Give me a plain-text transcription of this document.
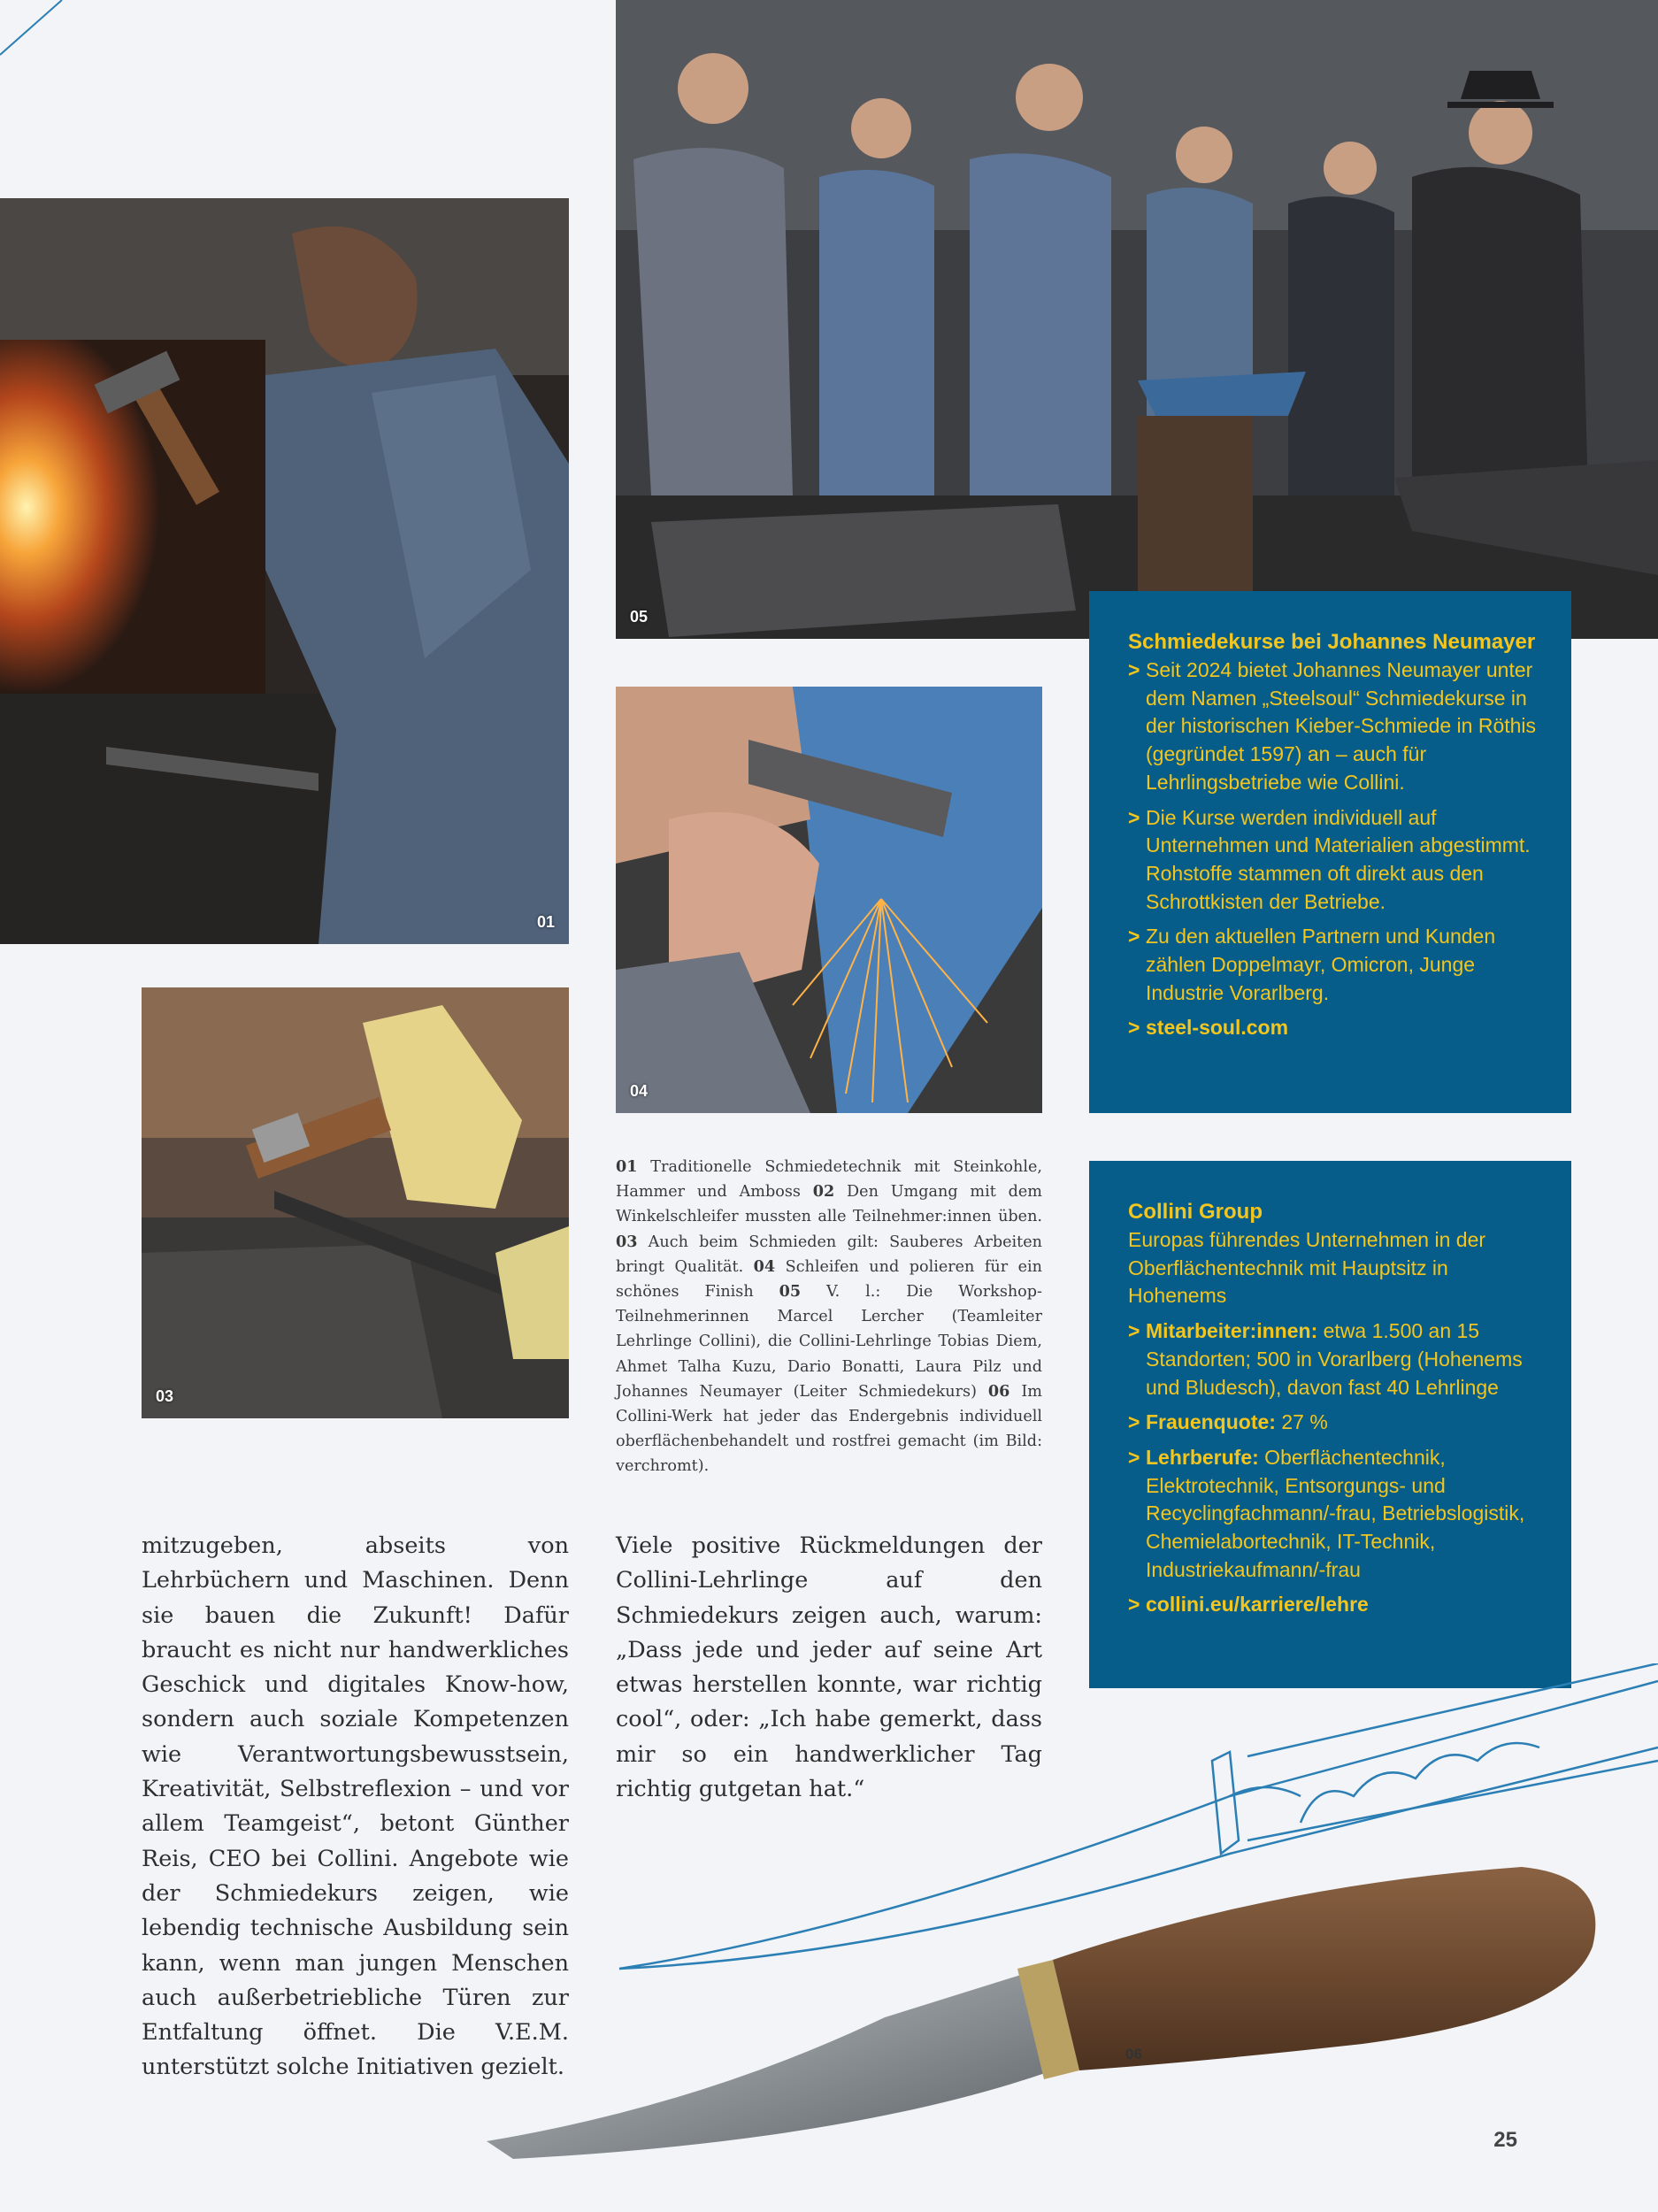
01
03
05
04
01 Traditionelle Schmiedetechnik mit Steinkohle, Hammer und Amboss 02 Den Umgang mit dem Winkelschleifer mussten alle Teilnehmer:innen üben. 03 Auch beim Schmieden gilt: Sauberes Arbeiten bringt Qualität. 04 Schleifen und polieren für ein schönes Finish 05 V. l.: Die Workshop-Teilnehmerinnen Marcel Lercher (Teamleiter Lehrlinge Collini), die Collini-Lehrlinge Tobias Diem, Ahmet Talha Kuzu, Dario Bonatti, Laura Pilz und Johannes Neumayer (Leiter Schmiedekurs) 06 Im Collini-Werk hat jeder das Endergebnis individuell oberflächenbehandelt und rostfrei gemacht (im Bild: verchromt).
mitzugeben, abseits von Lehrbüchern und Maschinen. Denn sie bauen die Zukunft! Dafür braucht es nicht nur handwerkliches Geschick und digitales Know-how, sondern auch soziale Kompetenzen wie Verantwortungsbewusstsein, Kreativität, Selbstreflexion – und vor allem Teamgeist“, betont Günther Reis, CEO bei Collini. Angebote wie der Schmiedekurs zeigen, wie lebendig technische Ausbildung sein kann, wenn man jungen Menschen auch außerbetriebliche Türen zur Entfaltung öffnet. Die V.E.M. unterstützt solche Initiativen gezielt.
Viele positive Rückmeldungen der Collini-Lehrlinge auf den Schmiedekurs zeigen auch, warum: „Dass jede und jeder auf seine Art etwas herstellen konnte, war richtig cool“, oder: „Ich habe gemerkt, dass mir so ein handwerklicher Tag richtig gutgetan hat.“
Schmiedekurse bei Johannes Neumayer
> Seit 2024 bietet Johannes Neumayer unter dem Namen „Steelsoul“ Schmiedekurse in der historischen Kieber-Schmiede in Röthis (gegründet 1597) an – auch für Lehrlingsbetriebe wie Collini.
> Die Kurse werden individuell auf Unternehmen und Materialien abgestimmt. Rohstoffe stammen oft direkt aus den Schrottkisten der Betriebe.
> Zu den aktuellen Partnern und Kunden zählen Doppelmayr, Omicron, Junge Industrie Vorarlberg.
> steel-soul.com
Collini Group
Europas führendes Unternehmen in der Oberflächentechnik mit Hauptsitz in Hohenems
> Mitarbeiter:innen: etwa 1.500 an 15 Standorten; 500 in Vorarlberg (Hohenems und Bludesch), davon fast 40 Lehrlinge
> Frauenquote: 27 %
> Lehrberufe: Oberflächentechnik, Elektrotechnik, Entsorgungs- und Recyclingfachmann/-frau, Betriebslogistik, Chemielabortechnik, IT-Technik, Industriekaufmann/-frau
> collini.eu/karriere/lehre
06
25
